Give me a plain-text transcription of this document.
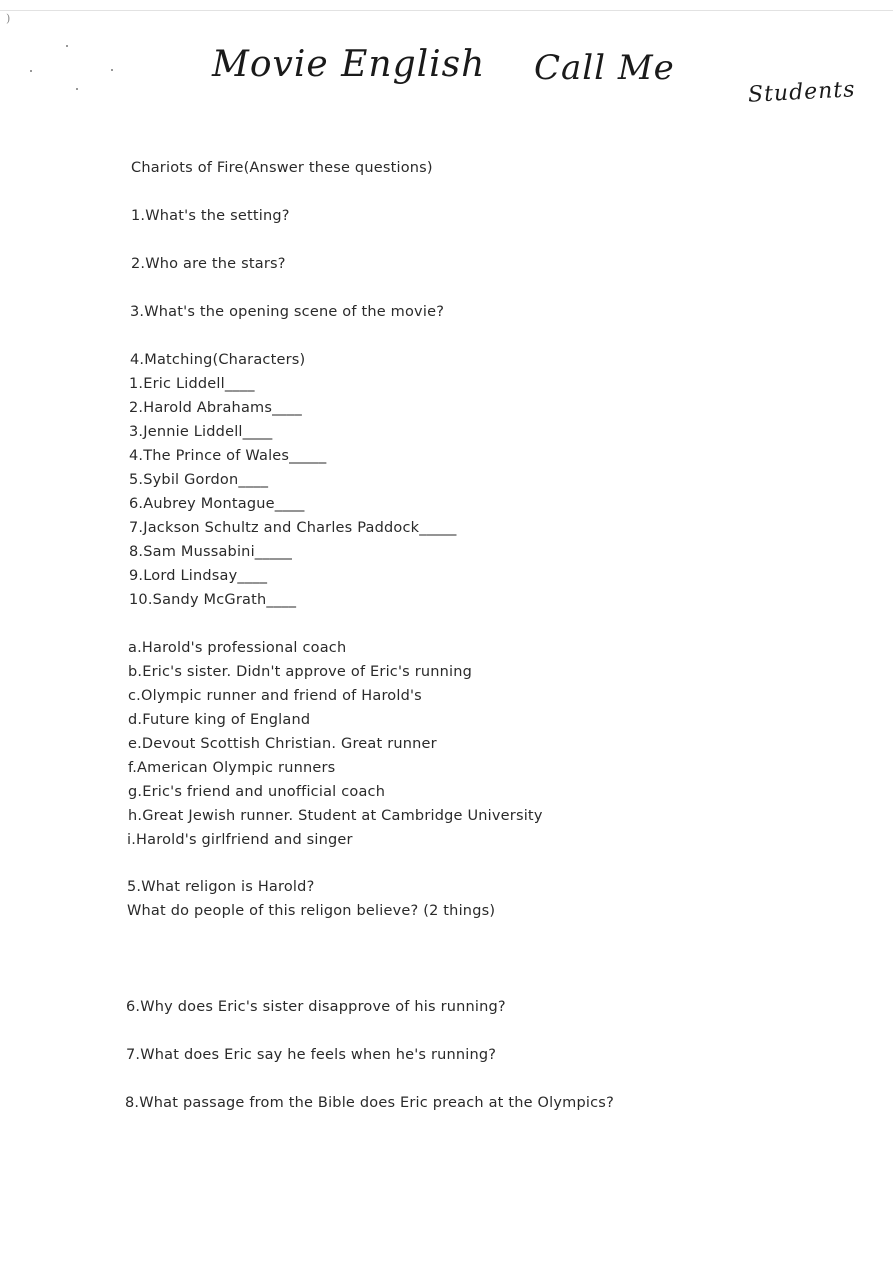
)
Movie English Call Me
Students
Chariots of Fire(Answer these questions)
1.What's the setting?
2.Who are the stars?
3.What's the opening scene of the movie?
4.Matching(Characters)
1.Eric Liddell____
2.Harold Abrahams____
3.Jennie Liddell____
4.The Prince of Wales_____
5.Sybil Gordon____
6.Aubrey Montague____
7.Jackson Schultz and Charles Paddock_____
8.Sam Mussabini_____
9.Lord Lindsay____
10.Sandy McGrath____
a.Harold's professional coach
b.Eric's sister. Didn't approve of Eric's running
c.Olympic runner and friend of Harold's
d.Future king of England
e.Devout Scottish Christian. Great runner
f.American Olympic runners
g.Eric's friend and unofficial coach
h.Great Jewish runner. Student at Cambridge University
i.Harold's girlfriend and singer
5.What religon is Harold?
What do people of this religon believe? (2 things)
6.Why does Eric's sister disapprove of his running?
7.What does Eric say he feels when he's running?
8.What passage from the Bible does Eric preach at the Olympics?
